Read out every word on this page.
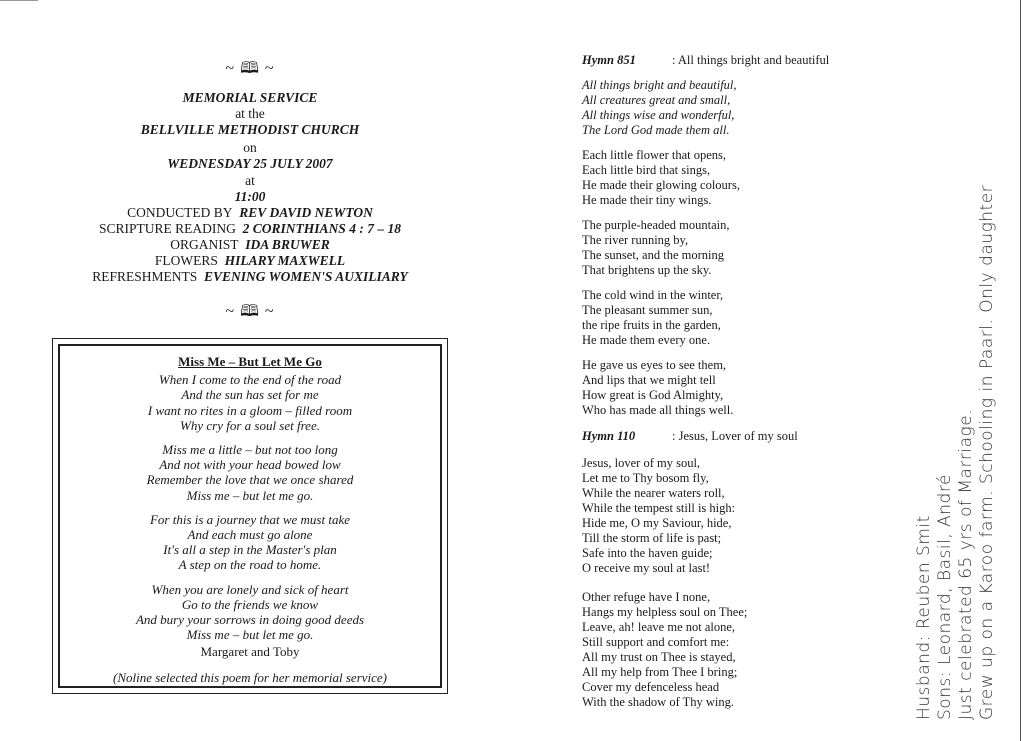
~ 🕮 ~
MEMORIAL SERVICE
at the
BELLVILLE METHODIST CHURCH
on
WEDNESDAY 25 JULY 2007
at
11:00
CONDUCTED BY REV DAVID NEWTON
SCRIPTURE READING 2 CORINTHIANS 4 : 7 – 18
ORGANIST IDA BRUWER
FLOWERS HILARY MAXWELL
REFRESHMENTS EVENING WOMEN'S AUXILIARY
~ 🕮 ~
Miss Me – But Let Me Go
When I come to the end of the road
And the sun has set for me
I want no rites in a gloom – filled room
Why cry for a soul set free.
Miss me a little – but not too long
And not with your head bowed low
Remember the love that we once shared
Miss me – but let me go.
For this is a journey that we must take
And each must go alone
It's all a step in the Master's plan
A step on the road to home.
When you are lonely and sick of heart
Go to the friends we know
And bury your sorrows in doing good deeds
Miss me – but let me go.
Margaret and Toby
(Noline selected this poem for her memorial service)
Hymn 851	: All things bright and beautiful
All things bright and beautiful,
All creatures great and small,
All things wise and wonderful,
The Lord God made them all.
Each little flower that opens,
Each little bird that sings,
He made their glowing colours,
He made their tiny wings.
The purple-headed mountain,
The river running by,
The sunset, and the morning
That brightens up the sky.
The cold wind in the winter,
The pleasant summer sun,
the ripe fruits in the garden,
He made them every one.
He gave us eyes to see them,
And lips that we might tell
How great is God Almighty,
Who has made all things well.
Hymn 110	: Jesus, Lover of my soul
Jesus, lover of my soul,
Let me to Thy bosom fly,
While the nearer waters roll,
While the tempest still is high:
Hide me, O my Saviour, hide,
Till the storm of life is past;
Safe into the haven guide;
O receive my soul at last!
Other refuge have I none,
Hangs my helpless soul on Thee;
Leave, ah! leave me not alone,
Still support and comfort me:
All my trust on Thee is stayed,
All my help from Thee I bring;
Cover my defenceless head
With the shadow of Thy wing.	Husband: Reuben Smit Sons: Leonard, Basil, André Just celebrated 65 yrs of Marriage. Grew up on a Karoo farm. Schooling in Paarl. Only daughter
